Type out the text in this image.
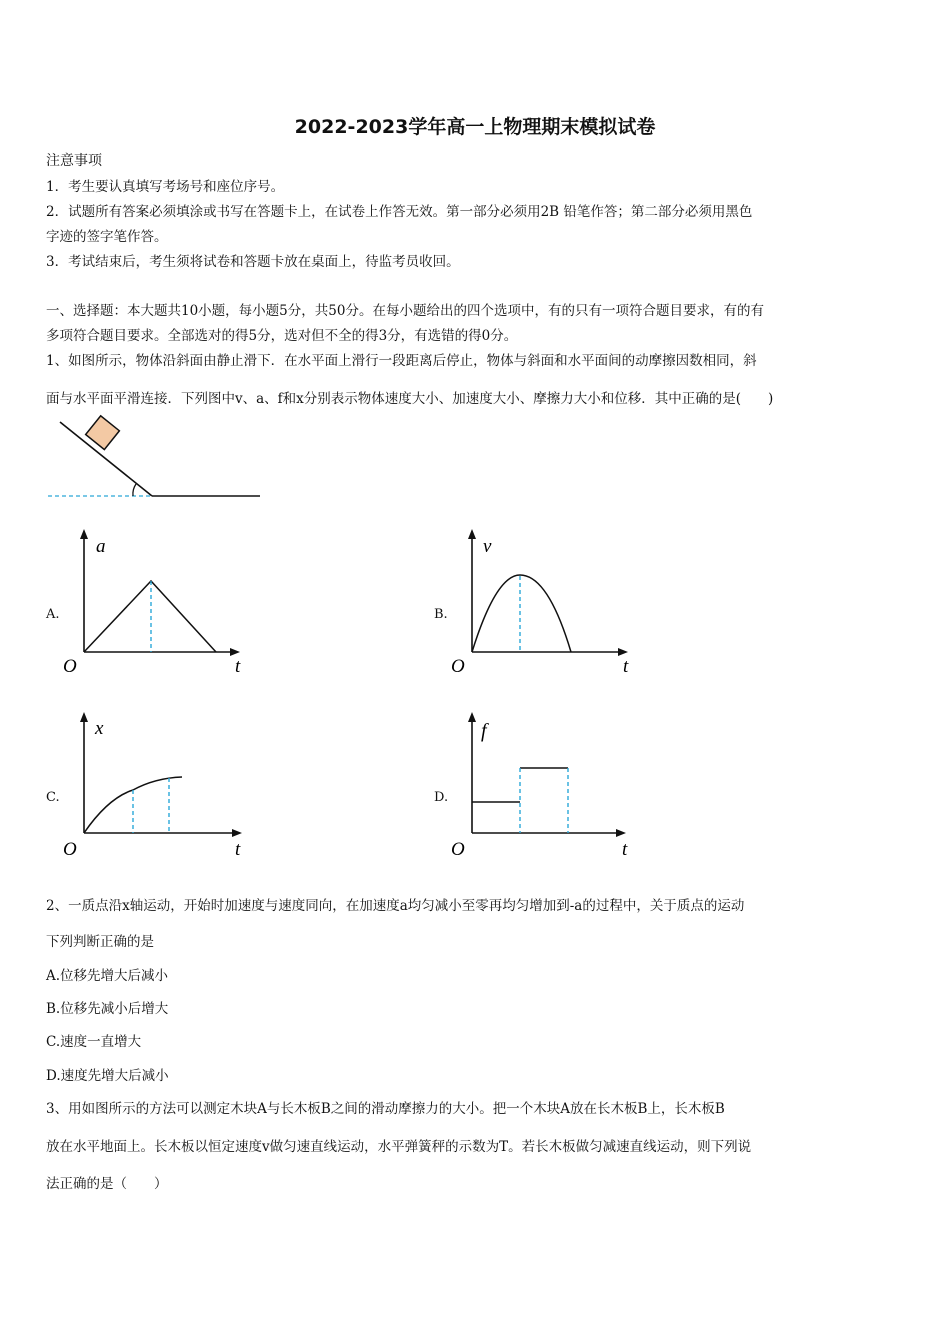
2022-2023学年高一上物理期末模拟试卷
注意事项
1．考生要认真填写考场号和座位序号。
2．试题所有答案必须填涂或书写在答题卡上，在试卷上作答无效。第一部分必须用2B 铅笔作答；第二部分必须用黑色
字迹的签字笔作答。
3．考试结束后，考生须将试卷和答题卡放在桌面上，待监考员收回。
一、选择题：本大题共10小题，每小题5分，共50分。在每小题给出的四个选项中，有的只有一项符合题目要求，有的有
多项符合题目要求。全部选对的得5分，选对但不全的得3分，有选错的得0分。
1、如图所示，物体沿斜面由静止滑下．在水平面上滑行一段距离后停止，物体与斜面和水平面间的动摩擦因数相同，斜
面与水平面平滑连接．下列图中v、a、f和x分别表示物体速度大小、加速度大小、摩擦力大小和位移．其中正确的是(　　)
A.
a
O	t
B.
v
O	t
C.
x
O	t
D.
f
O	t
2、一质点沿x轴运动，开始时加速度与速度同向，在加速度a均匀减小至零再均匀增加到-a的过程中，关于质点的运动
下列判断正确的是
A.位移先增大后减小
B.位移先减小后增大
C.速度一直增大
D.速度先增大后减小
3、用如图所示的方法可以测定木块A与长木板B之间的滑动摩擦力的大小。把一个木块A放在长木板B上，长木板B
放在水平地面上。长木板以恒定速度v做匀速直线运动，水平弹簧秤的示数为T。若长木板做匀减速直线运动，则下列说
法正确的是（　　）
